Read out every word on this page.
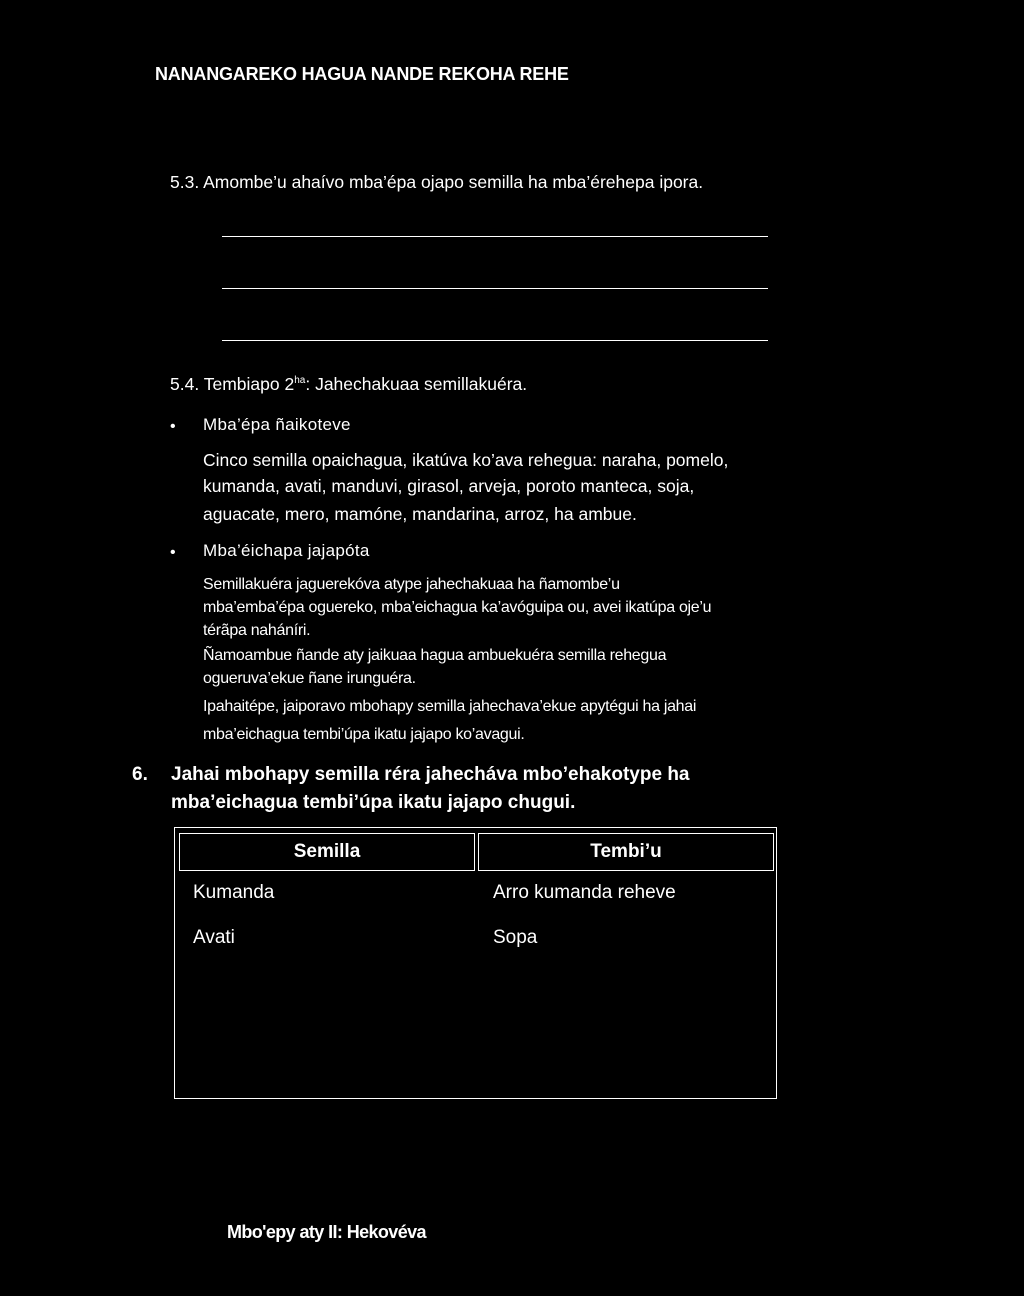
NANANGAREKO HAGUA NANDE REKOHA REHE
5.3. Amombe’u ahaívo mba’épa ojapo semilla ha mba’érehepa ipora.
5.4. Tembiapo $2^{ha}$: Jahechakuaa semillakuéra.
• Mba’épa ñaikoteve
Cinco semilla opaichagua, ikatúva ko’ava rehegua: naraha, pomelo,
kumanda, avati, manduvi, girasol, arveja, poroto manteca, soja,
aguacate, mero, mamóne, mandarina, arroz, ha ambue.
• Mba’éichapa jajapóta
Semillakuéra jaguerekóva atype jahechakuaa ha ñamombe’u
mba’emba’épa oguereko, mba’eichagua ka’avóguipa ou, avei ikatúpa oje’u
térãpa naháníri.
Ñamoambue ñande aty jaikuaa hagua ambuekuéra semilla rehegua
ogueruva’ekue ñane irunguéra.
Ipahaitépe, jaiporavo mbohapy semilla jahechava’ekue apytégui ha jahai
mba’eichagua tembi’úpa ikatu jajapo ko’avagui.
6. Jahai mbohapy semilla réra jahecháva mbo’ehakotype ha
mba’eichagua tembi’úpa ikatu jajapo chugui.
Semilla	Tembi’u
Kumanda	Arro kumanda reheve
Avati	Sopa
Mbo'epy aty II: Hekovéva
